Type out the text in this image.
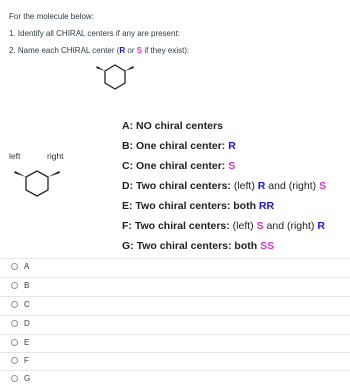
For the molecule below:
1. Identify all CHIRAL centers if any are present:
2. Name each CHIRAL center (R or S if they exist):
A: NO chiral centers
B: One chiral center: R
C: One chiral center: S
D: Two chiral centers: (left) R and (right) S
E: Two chiral centers: both RR
F: Two chiral centers: (left) S and (right) R
G: Two chiral centers: both SS
left	right
A
B
C
D
E
F
G
